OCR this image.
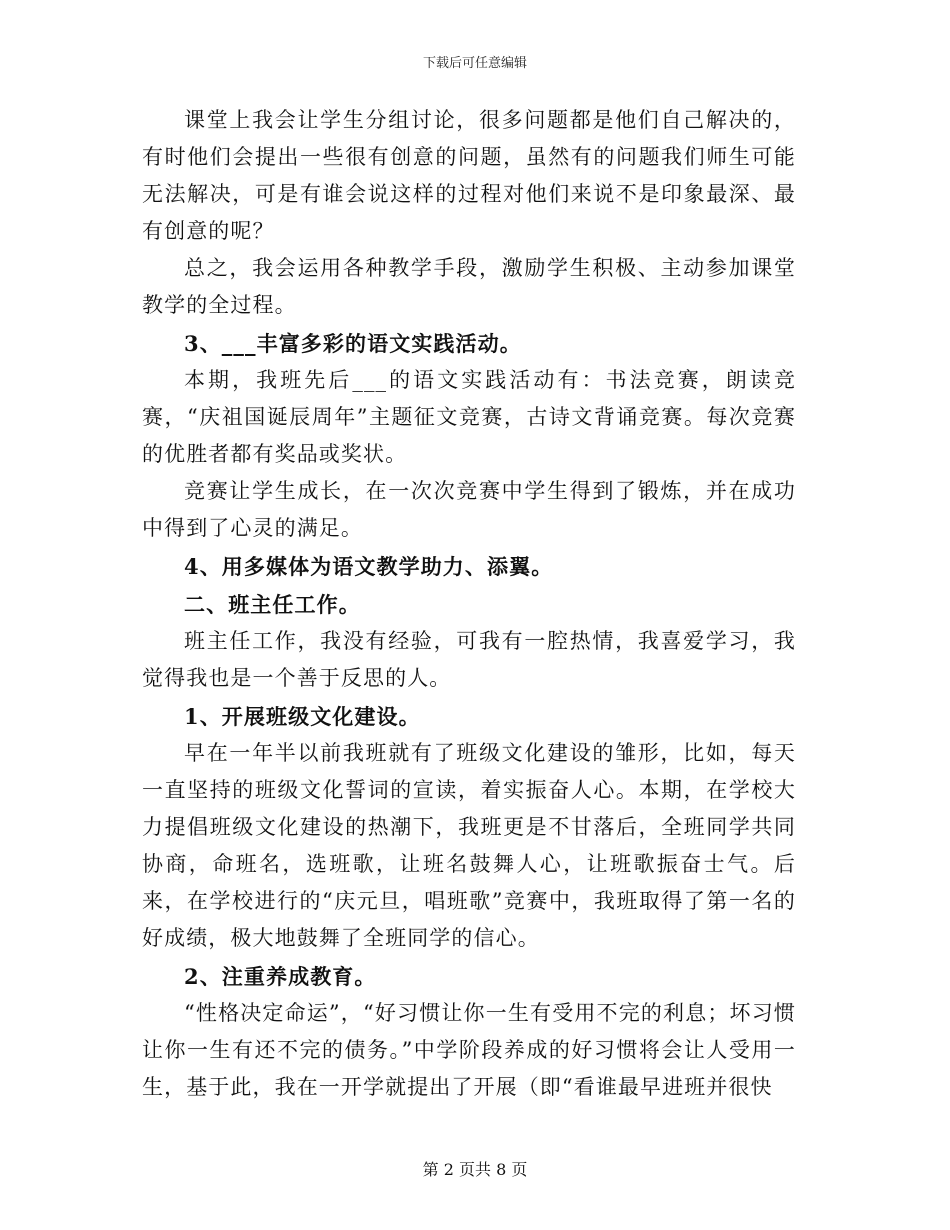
下载后可任意编辑

课堂上我会让学生分组讨论，很多问题都是他们自己解决的，有时他们会提出一些很有创意的问题，虽然有的问题我们师生可能无法解决，可是有谁会说这样的过程对他们来说不是印象最深、最有创意的呢？

总之，我会运用各种教学手段，激励学生积极、主动参加课堂教学的全过程。

3、___丰富多彩的语文实践活动。

本期，我班先后___的语文实践活动有：书法竞赛，朗读竞赛，“庆祖国诞辰周年”主题征文竞赛，古诗文背诵竞赛。每次竞赛的优胜者都有奖品或奖状。

竞赛让学生成长，在一次次竞赛中学生得到了锻炼，并在成功中得到了心灵的满足。

4、用多媒体为语文教学助力、添翼。

二、班主任工作。

班主任工作，我没有经验，可我有一腔热情，我喜爱学习，我觉得我也是一个善于反思的人。

1、开展班级文化建设。

早在一年半以前我班就有了班级文化建设的雏形，比如，每天一直坚持的班级文化誓词的宣读，着实振奋人心。本期，在学校大力提倡班级文化建设的热潮下，我班更是不甘落后，全班同学共同协商，命班名，选班歌，让班名鼓舞人心，让班歌振奋士气。后来，在学校进行的“庆元旦，唱班歌”竞赛中，我班取得了第一名的好成绩，极大地鼓舞了全班同学的信心。

2、注重养成教育。

“性格决定命运”，“好习惯让你一生有受用不完的利息；坏习惯让你一生有还不完的债务。”中学阶段养成的好习惯将会让人受用一生，基于此，我在一开学就提出了开展（即“看谁最早进班并很快

第 2 页共 8 页
